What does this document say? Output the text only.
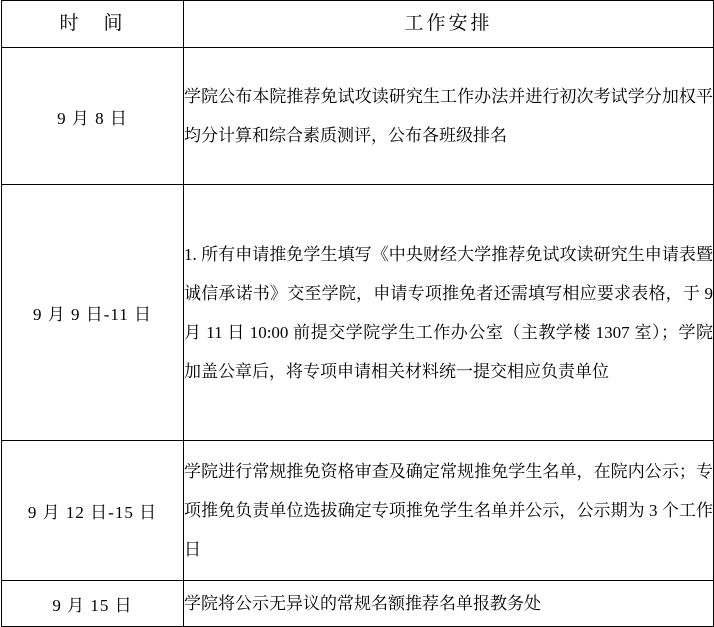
时　间	工作安排
9 月 8 日	学院公布本院推荐免试攻读研究生工作办法并进行初次考试学分加权平均分计算和综合素质测评，公布各班级排名
9 月 9 日-11 日	1. 所有申请推免学生填写《中央财经大学推荐免试攻读研究生申请表暨诚信承诺书》交至学院，申请专项推免者还需填写相应要求表格，于 9 月 11 日 10:00 前提交学院学生工作办公室（主教学楼 1307 室）；学院加盖公章后，将专项申请相关材料统一提交相应负责单位
9 月 12 日-15 日	学院进行常规推免资格审查及确定常规推免学生名单，在院内公示；专项推免负责单位选拔确定专项推免学生名单并公示，公示期为 3 个工作日
9 月 15 日	学院将公示无异议的常规名额推荐名单报教务处
